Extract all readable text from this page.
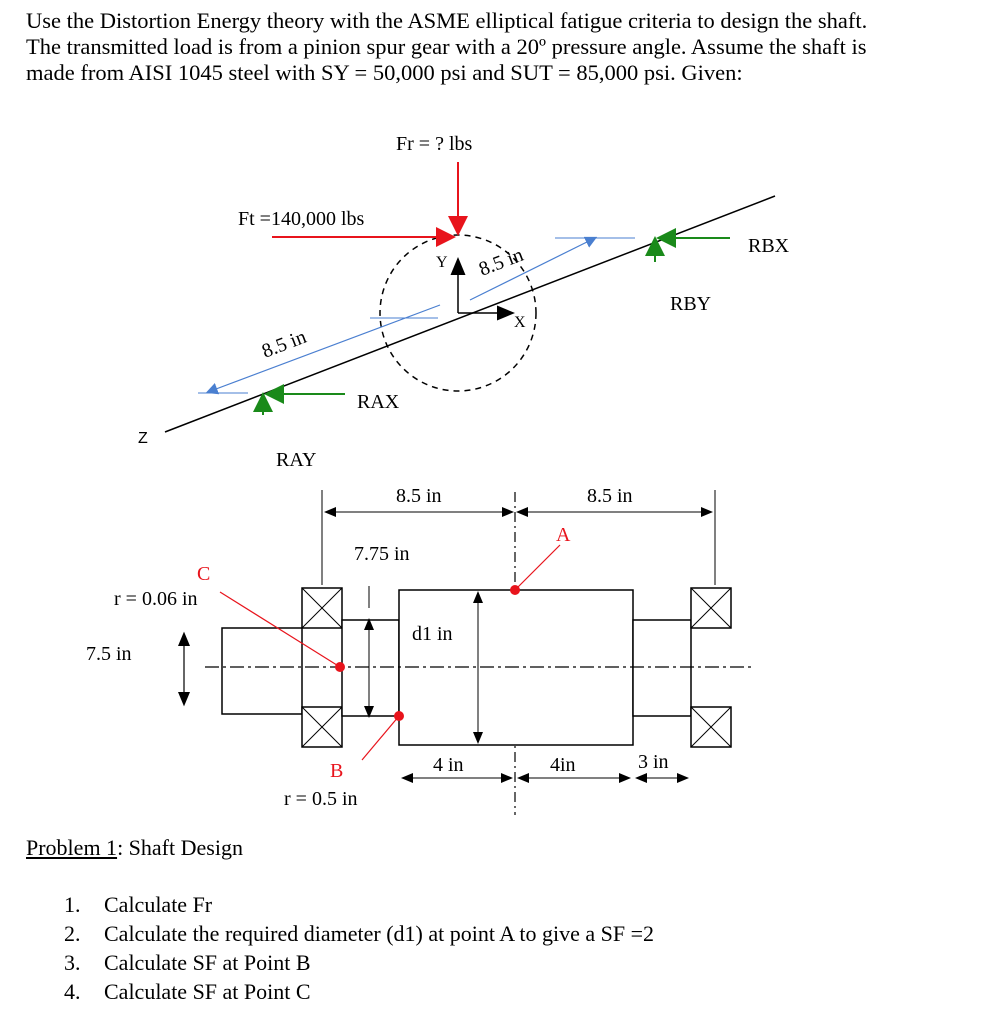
Use the Distortion Energy theory with the ASME elliptical fatigue criteria to design the shaft.

The transmitted load is from a pinion spur gear with a 20º pressure angle. Assume the shaft is

made from AISI 1045 steel with SY = 50,000 psi and SUT = 85,000 psi. Given:

Fr = ? lbs
Ft =140,000 lbs
Y
X
Z
8.5 in
8.5 in
RAX
RAY
RBX
RBY
8.5 in	8.5 in
7.75 in
d1 in
7.5 in
4 in	4in	3 in
A
B
r = 0.5 in
C
r = 0.06 in
Problem 1: Shaft Design
1. Calculate Fr
2. Calculate the required diameter (d1) at point A to give a SF =2
3. Calculate SF at Point B
4. Calculate SF at Point C
